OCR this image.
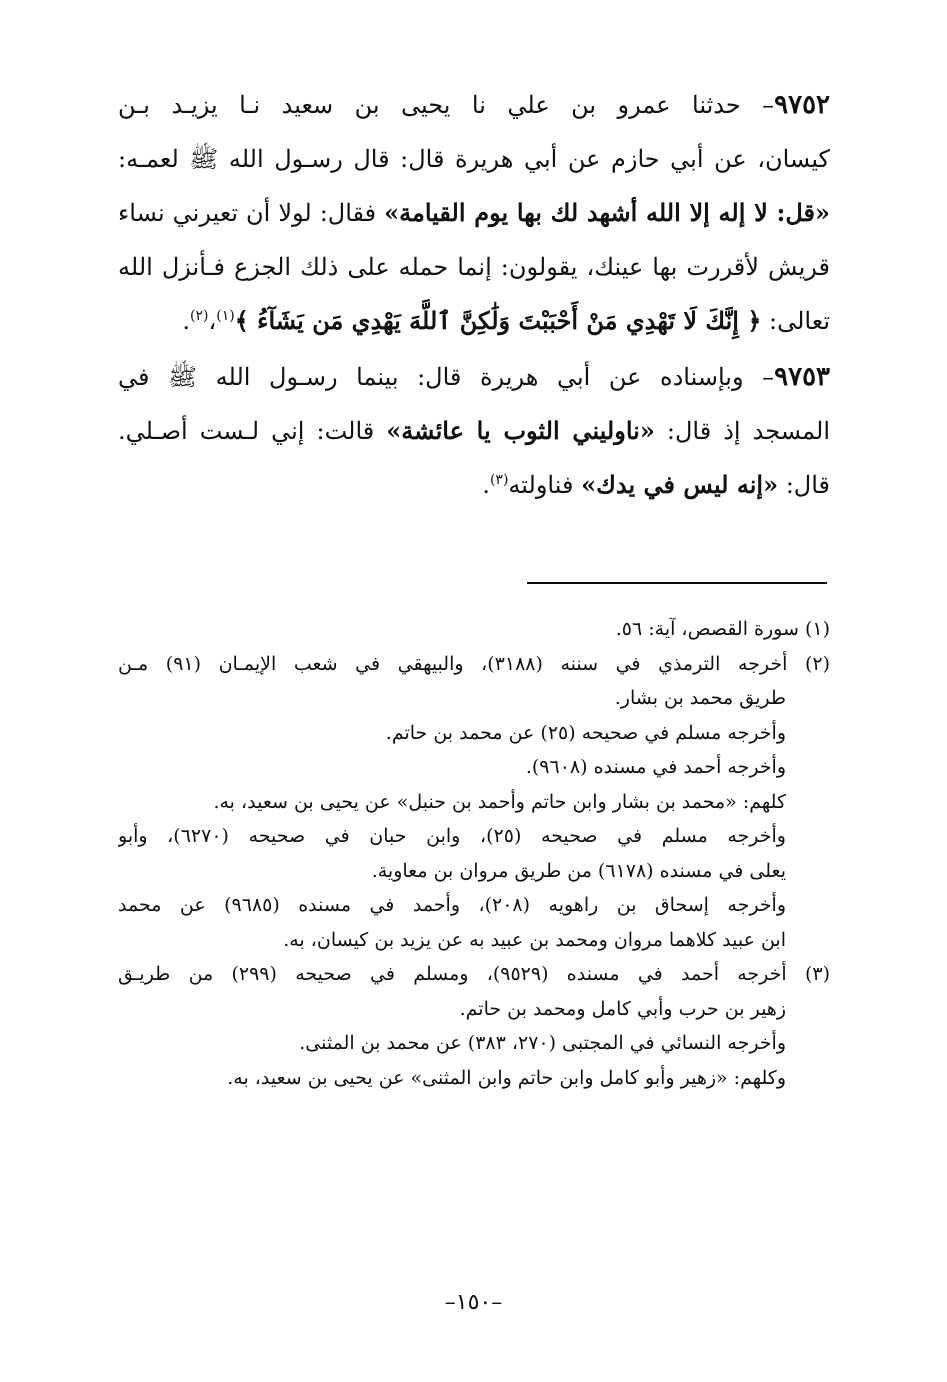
٩٧٥٢– حدثنا عمرو بن علي نا يحيى بن سعيد نـا يزيـد بـن
كيسان، عن أبي حازم عن أبي هريرة قال: قال رسـول الله ﷺ لعمـه:
«قل: لا إله إلا الله أشهد لك بها يوم القيامة» فقال: لولا أن تعيرني نساء
قريش لأقررت بها عينك، يقولون: إنما حمله على ذلك الجزع فـأنزل الله
تعالى: ﴿ إِنَّكَ لَا تَهْدِي مَنْ أَحْبَبْتَ وَلَٰكِنَّ ٱللَّهَ يَهْدِي مَن يَشَآءُ ﴾$^{(١)}$،$^{(٢)}$.
٩٧٥٣– وبإسناده عن أبي هريرة قال: بينما رسـول الله ﷺ في
المسجد إذ قال: «ناوليني الثوب يا عائشة» قالت: إني لـست أصـلي.
قال: «إنه ليس في يدك» فناولته$^{(٣)}$.
(١) سورة القصص، آية: ٥٦.
(٢) أخرجه الترمذي في سننه (٣١٨٨)، والبيهقي في شعب الإيمـان (٩١) مـن
طريق محمد بن بشار.
وأخرجه مسلم في صحيحه (٢٥) عن محمد بن حاتم.
وأخرجه أحمد في مسنده (٩٦٠٨).
كلهم: «محمد بن بشار وابن حاتم وأحمد بن حنبل» عن يحيى بن سعيد، به.
وأخرجه مسلم في صحيحه (٢٥)، وابن حبان في صحيحه (٦٢٧٠)، وأبو
يعلى في مسنده (٦١٧٨) من طريق مروان بن معاوية.
وأخرجه إسحاق بن راهويه (٢٠٨)، وأحمد في مسنده (٩٦٨٥) عن محمد
ابن عبيد كلاهما مروان ومحمد بن عبيد به عن يزيد بن كيسان، به.
(٣) أخرجه أحمد في مسنده (٩٥٢٩)، ومسلم في صحيحه (٢٩٩) من طريـق
زهير بن حرب وأبي كامل ومحمد بن حاتم.
وأخرجه النسائي في المجتبى (٢٧٠، ٣٨٣) عن محمد بن المثنى.
وكلهم: «زهير وأبو كامل وابن حاتم وابن المثنى» عن يحيى بن سعيد، به.
–١٥٠–
